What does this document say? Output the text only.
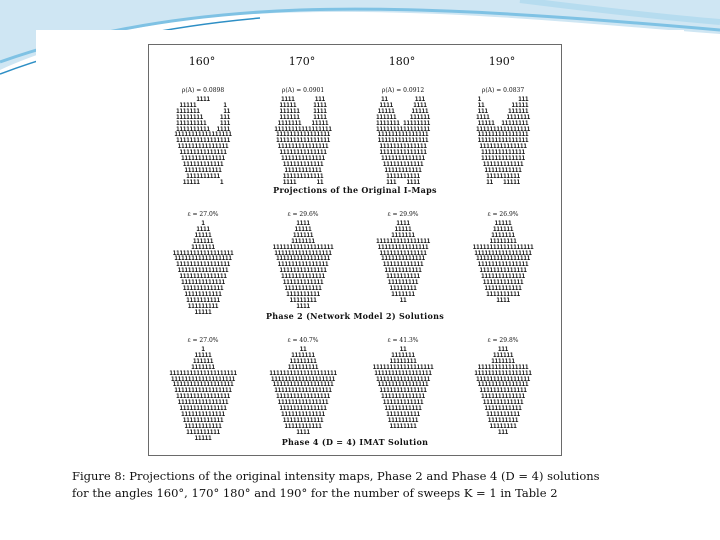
160°	170°	180°	190°
ρ(A) = 0.0898	ρ(A) = 0.0901	ρ(A) = 0.0912	ρ(A) = 0.0837
1111
11111        1
1111111       11
11111111     111
111111111    111
1111111111  1111
11111111111111111
1111111111111111
111111111111111
11111111111111
1111111111111
111111111111
11111111111
1111111111
11111      1
1111      111
11111     1111
111111    1111
111111    1111
1111111   11111
11111111111111111
1111111111111111
1111111111111111
111111111111111
11111111111111
1111111111111
111111111111
11111111111
111111111111
1111      11
11        111
1111      1111
11111     11111
111111    111111
1111111 11111111
1111111111111111
111111111111111
111111111111111
11111111111111
11111111111111
1111111111111
111111111111
11111111111
1111111111
111   1111
1           111
11        11111
111      111111
1111     1111111
11111  11111111
1111111111111111
111111111111111
111111111111111
11111111111111
1111111111111
1111111111111
111111111111
11111111111
1111111111
11   11111
Projections of the Original I-Maps
ε = 27.0%	ε = 29.6%	ε = 29.9%	ε = 26.9%
1
1111
11111
111111
1111111
111111111111111111
11111111111111111
1111111111111111
111111111111111
11111111111111
1111111111111
111111111111
11111111111
1111111111
111111111
11111
1111
11111
111111
1111111
111111111111111111
11111111111111111
1111111111111111
111111111111111
11111111111111
1111111111111
111111111111
11111111111
1111111111
11111111
1111
1111
11111
1111111
1111111111111111
111111111111111
11111111111111
1111111111111
111111111111
11111111111
1111111111
111111111
11111111
1111111
11
11111
111111
1111111
11111111
111111111111111111
11111111111111111
1111111111111111
111111111111111
11111111111111
1111111111111
111111111111
11111111111
1111111111
1111
Phase 2 (Network Model 2) Solutions
ε = 27.0%	ε = 40.7%	ε = 41.3%	ε = 29.8%
1
11111
111111
1111111
11111111111111111111
1111111111111111111
111111111111111111
11111111111111111
1111111111111111
111111111111111
11111111111111
1111111111111
111111111111
11111111111
1111111111
11111
11
1111111
11111111
111111111
11111111111111111111
1111111111111111111
111111111111111111
11111111111111111
1111111111111111
111111111111111
11111111111111
1111111111111
111111111111
11111111111
1111
11
1111111
11111111
111111111111111111
11111111111111111
1111111111111111
111111111111111
11111111111111
1111111111111
111111111111
11111111111
1111111111
111111111
11111111
111
111111
1111111
111111111111111
11111111111111111
1111111111111111
111111111111111
11111111111111
1111111111111
111111111111
11111111111
1111111111
111111111
11111111
111
Phase 4 (D = 4) IMAT Solution
Figure 8: Projections of the original intensity maps, Phase 2 and Phase 4 (D = 4) solutions
for the angles 160°, 170° 180° and 190° for the number of sweeps K = 1 in Table 2
